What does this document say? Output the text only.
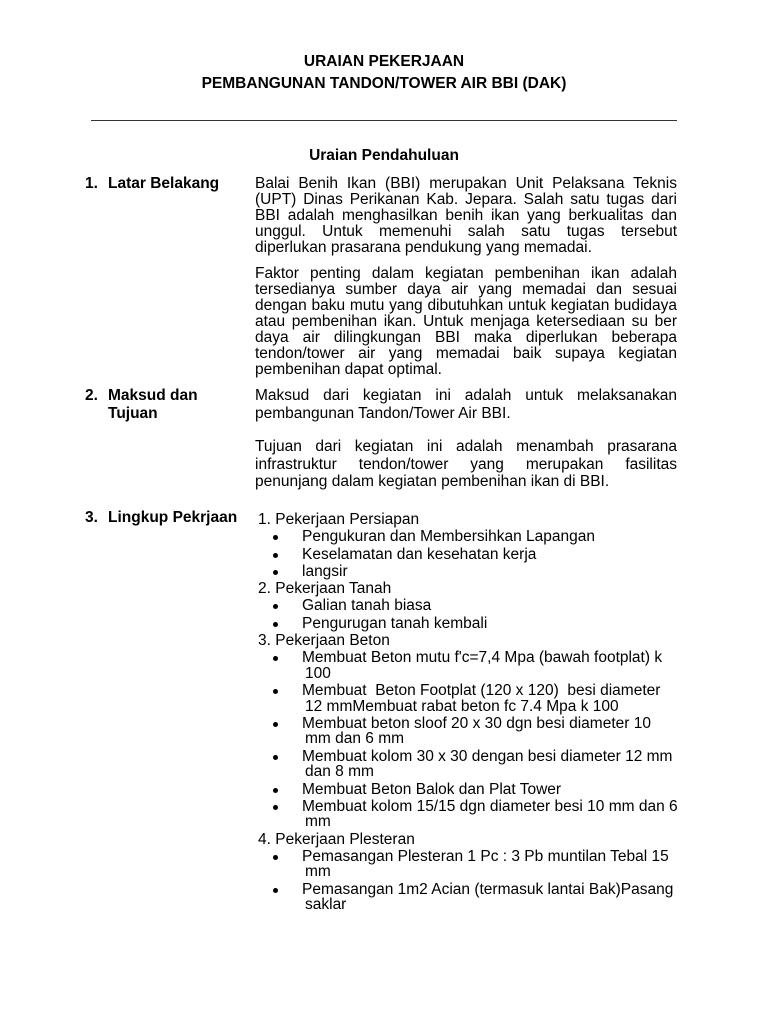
URAIAN PEKERJAAN
PEMBANGUNAN TANDON/TOWER AIR BBI (DAK)
Uraian Pendahuluan
1. Latar Belakang Balai Benih Ikan (BBI) merupakan Unit Pelaksana Teknis
(UPT) Dinas Perikanan Kab. Jepara. Salah satu tugas dari
BBI adalah menghasilkan benih ikan yang berkualitas dan
unggul. Untuk memenuhi salah satu tugas tersebut
diperlukan prasarana pendukung yang memadai.
Faktor penting dalam kegiatan pembenihan ikan adalah
tersedianya sumber daya air yang memadai dan sesuai
dengan baku mutu yang dibutuhkan untuk kegiatan budidaya
atau pembenihan ikan. Untuk menjaga ketersediaan su ber
daya air dilingkungan BBI maka diperlukan beberapa
tendon/tower air yang memadai baik supaya kegiatan
pembenihan dapat optimal.
2. Maksud dan
Tujuan
Maksud dari kegiatan ini adalah untuk melaksanakan
pembangunan Tandon/Tower Air BBI.
Tujuan dari kegiatan ini adalah menambah prasarana
infrastruktur tendon/tower yang merupakan fasilitas
penunjang dalam kegiatan pembenihan ikan di BBI.
3. Lingkup Pekrjaan 1. Pekerjaan Persiapan
Pengukuran dan Membersihkan Lapangan
Keselamatan dan kesehatan kerja
langsir
2. Pekerjaan Tanah
Galian tanah biasa
Pengurugan tanah kembali
3. Pekerjaan Beton
Membuat Beton mutu f'c=7,4 Mpa (bawah footplat) k
100
Membuat  Beton Footplat (120 x 120)  besi diameter
12 mmMembuat rabat beton fc 7.4 Mpa k 100
Membuat beton sloof 20 x 30 dgn besi diameter 10
mm dan 6 mm
Membuat kolom 30 x 30 dengan besi diameter 12 mm
dan 8 mm
Membuat Beton Balok dan Plat Tower
Membuat kolom 15/15 dgn diameter besi 10 mm dan 6
mm
4. Pekerjaan Plesteran
Pemasangan Plesteran 1 Pc : 3 Pb muntilan Tebal 15
mm
Pemasangan 1m2 Acian (termasuk lantai Bak)Pasang
saklar
